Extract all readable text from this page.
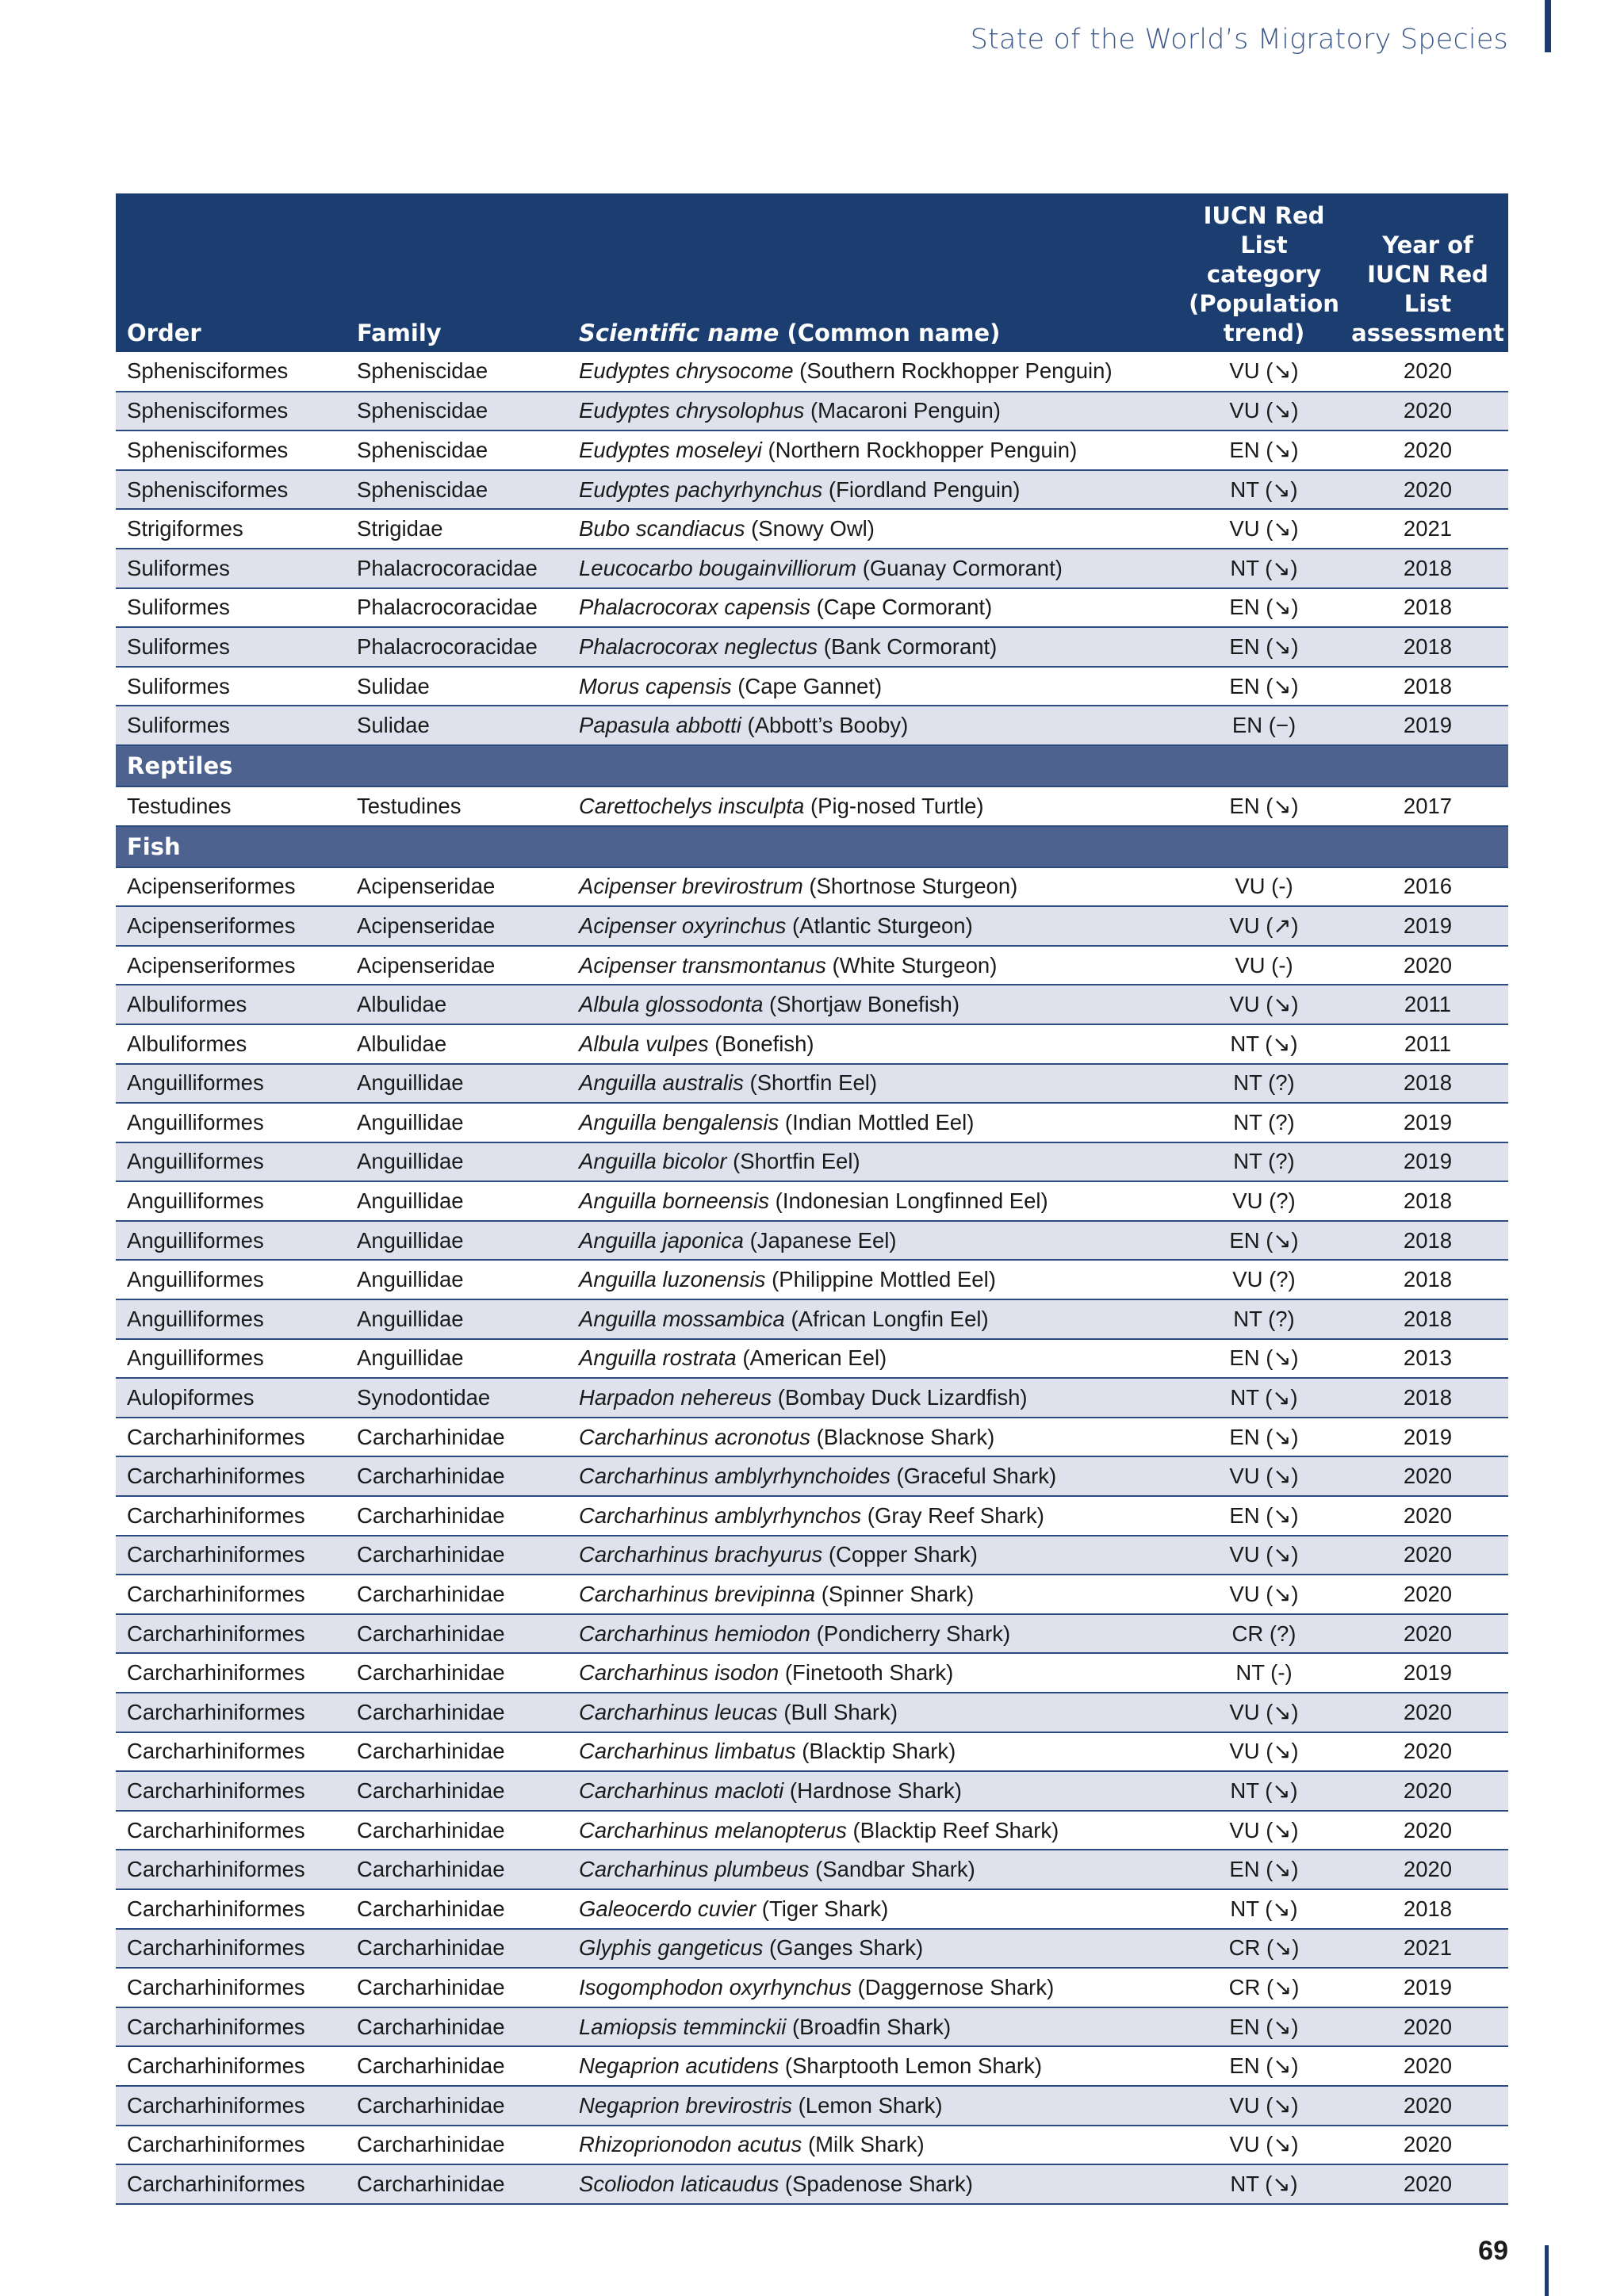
State of the World’s Migratory Species
Order	Family	Scientific name (Common name)	IUCN Red List category (Population trend)	Year of IUCN Red List assessment
Sphenisciformes	Spheniscidae	Eudyptes chrysocome (Southern Rockhopper Penguin)	VU (↘)	2020
Sphenisciformes	Spheniscidae	Eudyptes chrysolophus (Macaroni Penguin)	VU (↘)	2020
Sphenisciformes	Spheniscidae	Eudyptes moseleyi (Northern Rockhopper Penguin)	EN (↘)	2020
Sphenisciformes	Spheniscidae	Eudyptes pachyrhynchus (Fiordland Penguin)	NT (↘)	2020
Strigiformes	Strigidae	Bubo scandiacus (Snowy Owl)	VU (↘)	2021
Suliformes	Phalacrocoracidae	Leucocarbo bougainvilliorum (Guanay Cormorant)	NT (↘)	2018
Suliformes	Phalacrocoracidae	Phalacrocorax capensis (Cape Cormorant)	EN (↘)	2018
Suliformes	Phalacrocoracidae	Phalacrocorax neglectus (Bank Cormorant)	EN (↘)	2018
Suliformes	Sulidae	Morus capensis (Cape Gannet)	EN (↘)	2018
Suliformes	Sulidae	Papasula abbotti (Abbott’s Booby)	EN (−)	2019
Reptiles				
Testudines	Testudines	Carettochelys insculpta (Pig-nosed Turtle)	EN (↘)	2017
Fish				
Acipenseriformes	Acipenseridae	Acipenser brevirostrum (Shortnose Sturgeon)	VU (-)	2016
Acipenseriformes	Acipenseridae	Acipenser oxyrinchus (Atlantic Sturgeon)	VU (↗)	2019
Acipenseriformes	Acipenseridae	Acipenser transmontanus (White Sturgeon)	VU (-)	2020
Albuliformes	Albulidae	Albula glossodonta (Shortjaw Bonefish)	VU (↘)	2011
Albuliformes	Albulidae	Albula vulpes (Bonefish)	NT (↘)	2011
Anguilliformes	Anguillidae	Anguilla australis (Shortfin Eel)	NT (?)	2018
Anguilliformes	Anguillidae	Anguilla bengalensis (Indian Mottled Eel)	NT (?)	2019
Anguilliformes	Anguillidae	Anguilla bicolor (Shortfin Eel)	NT (?)	2019
Anguilliformes	Anguillidae	Anguilla borneensis (Indonesian Longfinned Eel)	VU (?)	2018
Anguilliformes	Anguillidae	Anguilla japonica (Japanese Eel)	EN (↘)	2018
Anguilliformes	Anguillidae	Anguilla luzonensis (Philippine Mottled Eel)	VU (?)	2018
Anguilliformes	Anguillidae	Anguilla mossambica (African Longfin Eel)	NT (?)	2018
Anguilliformes	Anguillidae	Anguilla rostrata (American Eel)	EN (↘)	2013
Aulopiformes	Synodontidae	Harpadon nehereus (Bombay Duck Lizardfish)	NT (↘)	2018
Carcharhiniformes	Carcharhinidae	Carcharhinus acronotus (Blacknose Shark)	EN (↘)	2019
Carcharhiniformes	Carcharhinidae	Carcharhinus amblyrhynchoides (Graceful Shark)	VU (↘)	2020
Carcharhiniformes	Carcharhinidae	Carcharhinus amblyrhynchos (Gray Reef Shark)	EN (↘)	2020
Carcharhiniformes	Carcharhinidae	Carcharhinus brachyurus (Copper Shark)	VU (↘)	2020
Carcharhiniformes	Carcharhinidae	Carcharhinus brevipinna (Spinner Shark)	VU (↘)	2020
Carcharhiniformes	Carcharhinidae	Carcharhinus hemiodon (Pondicherry Shark)	CR (?)	2020
Carcharhiniformes	Carcharhinidae	Carcharhinus isodon (Finetooth Shark)	NT (-)	2019
Carcharhiniformes	Carcharhinidae	Carcharhinus leucas (Bull Shark)	VU (↘)	2020
Carcharhiniformes	Carcharhinidae	Carcharhinus limbatus (Blacktip Shark)	VU (↘)	2020
Carcharhiniformes	Carcharhinidae	Carcharhinus macloti (Hardnose Shark)	NT (↘)	2020
Carcharhiniformes	Carcharhinidae	Carcharhinus melanopterus (Blacktip Reef Shark)	VU (↘)	2020
Carcharhiniformes	Carcharhinidae	Carcharhinus plumbeus (Sandbar Shark)	EN (↘)	2020
Carcharhiniformes	Carcharhinidae	Galeocerdo cuvier (Tiger Shark)	NT (↘)	2018
Carcharhiniformes	Carcharhinidae	Glyphis gangeticus (Ganges Shark)	CR (↘)	2021
Carcharhiniformes	Carcharhinidae	Isogomphodon oxyrhynchus (Daggernose Shark)	CR (↘)	2019
Carcharhiniformes	Carcharhinidae	Lamiopsis temminckii (Broadfin Shark)	EN (↘)	2020
Carcharhiniformes	Carcharhinidae	Negaprion acutidens (Sharptooth Lemon Shark)	EN (↘)	2020
Carcharhiniformes	Carcharhinidae	Negaprion brevirostris (Lemon Shark)	VU (↘)	2020
Carcharhiniformes	Carcharhinidae	Rhizoprionodon acutus (Milk Shark)	VU (↘)	2020
Carcharhiniformes	Carcharhinidae	Scoliodon laticaudus (Spadenose Shark)	NT (↘)	2020
69
